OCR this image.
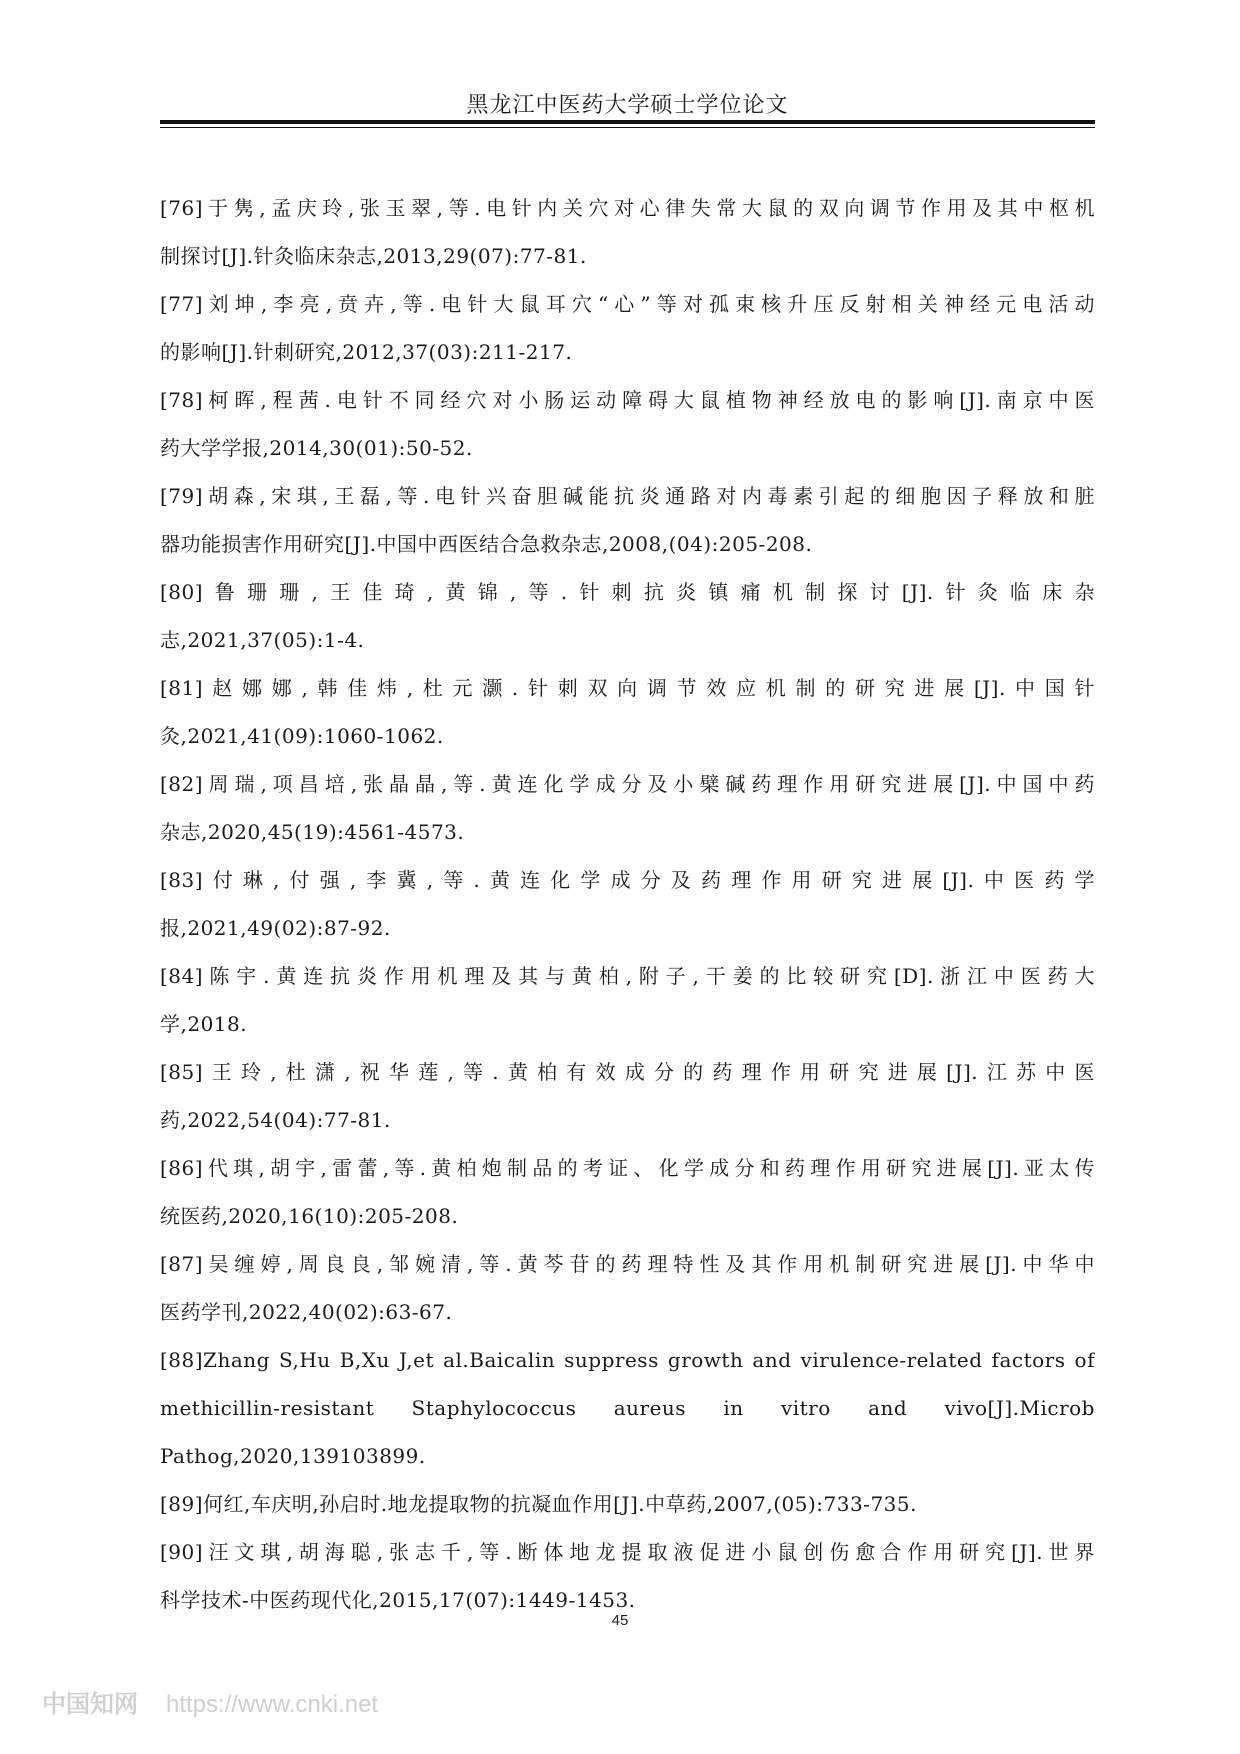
黑龙江中医药大学硕士学位论文
[76]于隽,孟庆玲,张玉翠,等.电针内关穴对心律失常大鼠的双向调节作用及其中枢机
制探讨[J].针灸临床杂志,2013,29(07):77-81.
[77]刘坤,李亮,贲卉,等.电针大鼠耳穴“心”等对孤束核升压反射相关神经元电活动
的影响[J].针刺研究,2012,37(03):211-217.
[78]柯晖,程茜.电针不同经穴对小肠运动障碍大鼠植物神经放电的影响[J].南京中医
药大学学报,2014,30(01):50-52.
[79]胡森,宋琪,王磊,等.电针兴奋胆碱能抗炎通路对内毒素引起的细胞因子释放和脏
器功能损害作用研究[J].中国中西医结合急救杂志,2008,(04):205-208.
[80]鲁珊珊,王佳琦,黄锦,等.针刺抗炎镇痛机制探讨[J].针灸临床杂
志,2021,37(05):1-4.
[81]赵娜娜,韩佳炜,杜元灏.针刺双向调节效应机制的研究进展[J].中国针
灸,2021,41(09):1060-1062.
[82]周瑞,项昌培,张晶晶,等.黄连化学成分及小檗碱药理作用研究进展[J].中国中药
杂志,2020,45(19):4561-4573.
[83]付琳,付强,李冀,等.黄连化学成分及药理作用研究进展[J].中医药学
报,2021,49(02):87-92.
[84]陈宇.黄连抗炎作用机理及其与黄柏,附子,干姜的比较研究[D].浙江中医药大
学,2018.
[85]王玲,杜潇,祝华莲,等.黄柏有效成分的药理作用研究进展[J].江苏中医
药,2022,54(04):77-81.
[86]代琪,胡宇,雷蕾,等.黄柏炮制品的考证、化学成分和药理作用研究进展[J].亚太传
统医药,2020,16(10):205-208.
[87]吴缠婷,周良良,邹婉清,等.黄芩苷的药理特性及其作用机制研究进展[J].中华中
医药学刊,2022,40(02):63-67.
[88]Zhang S,Hu B,Xu J,et al.Baicalin suppress growth and virulence-related factors of
methicillin-resistant Staphylococcus aureus in vitro and vivo[J].Microb
Pathog,2020,139103899.
[89]何红,车庆明,孙启时.地龙提取物的抗凝血作用[J].中草药,2007,(05):733-735.
[90]汪文琪,胡海聪,张志千,等.断体地龙提取液促进小鼠创伤愈合作用研究[J].世界
科学技术-中医药现代化,2015,17(07):1449-1453.
45
中国知网 https://www.cnki.net
